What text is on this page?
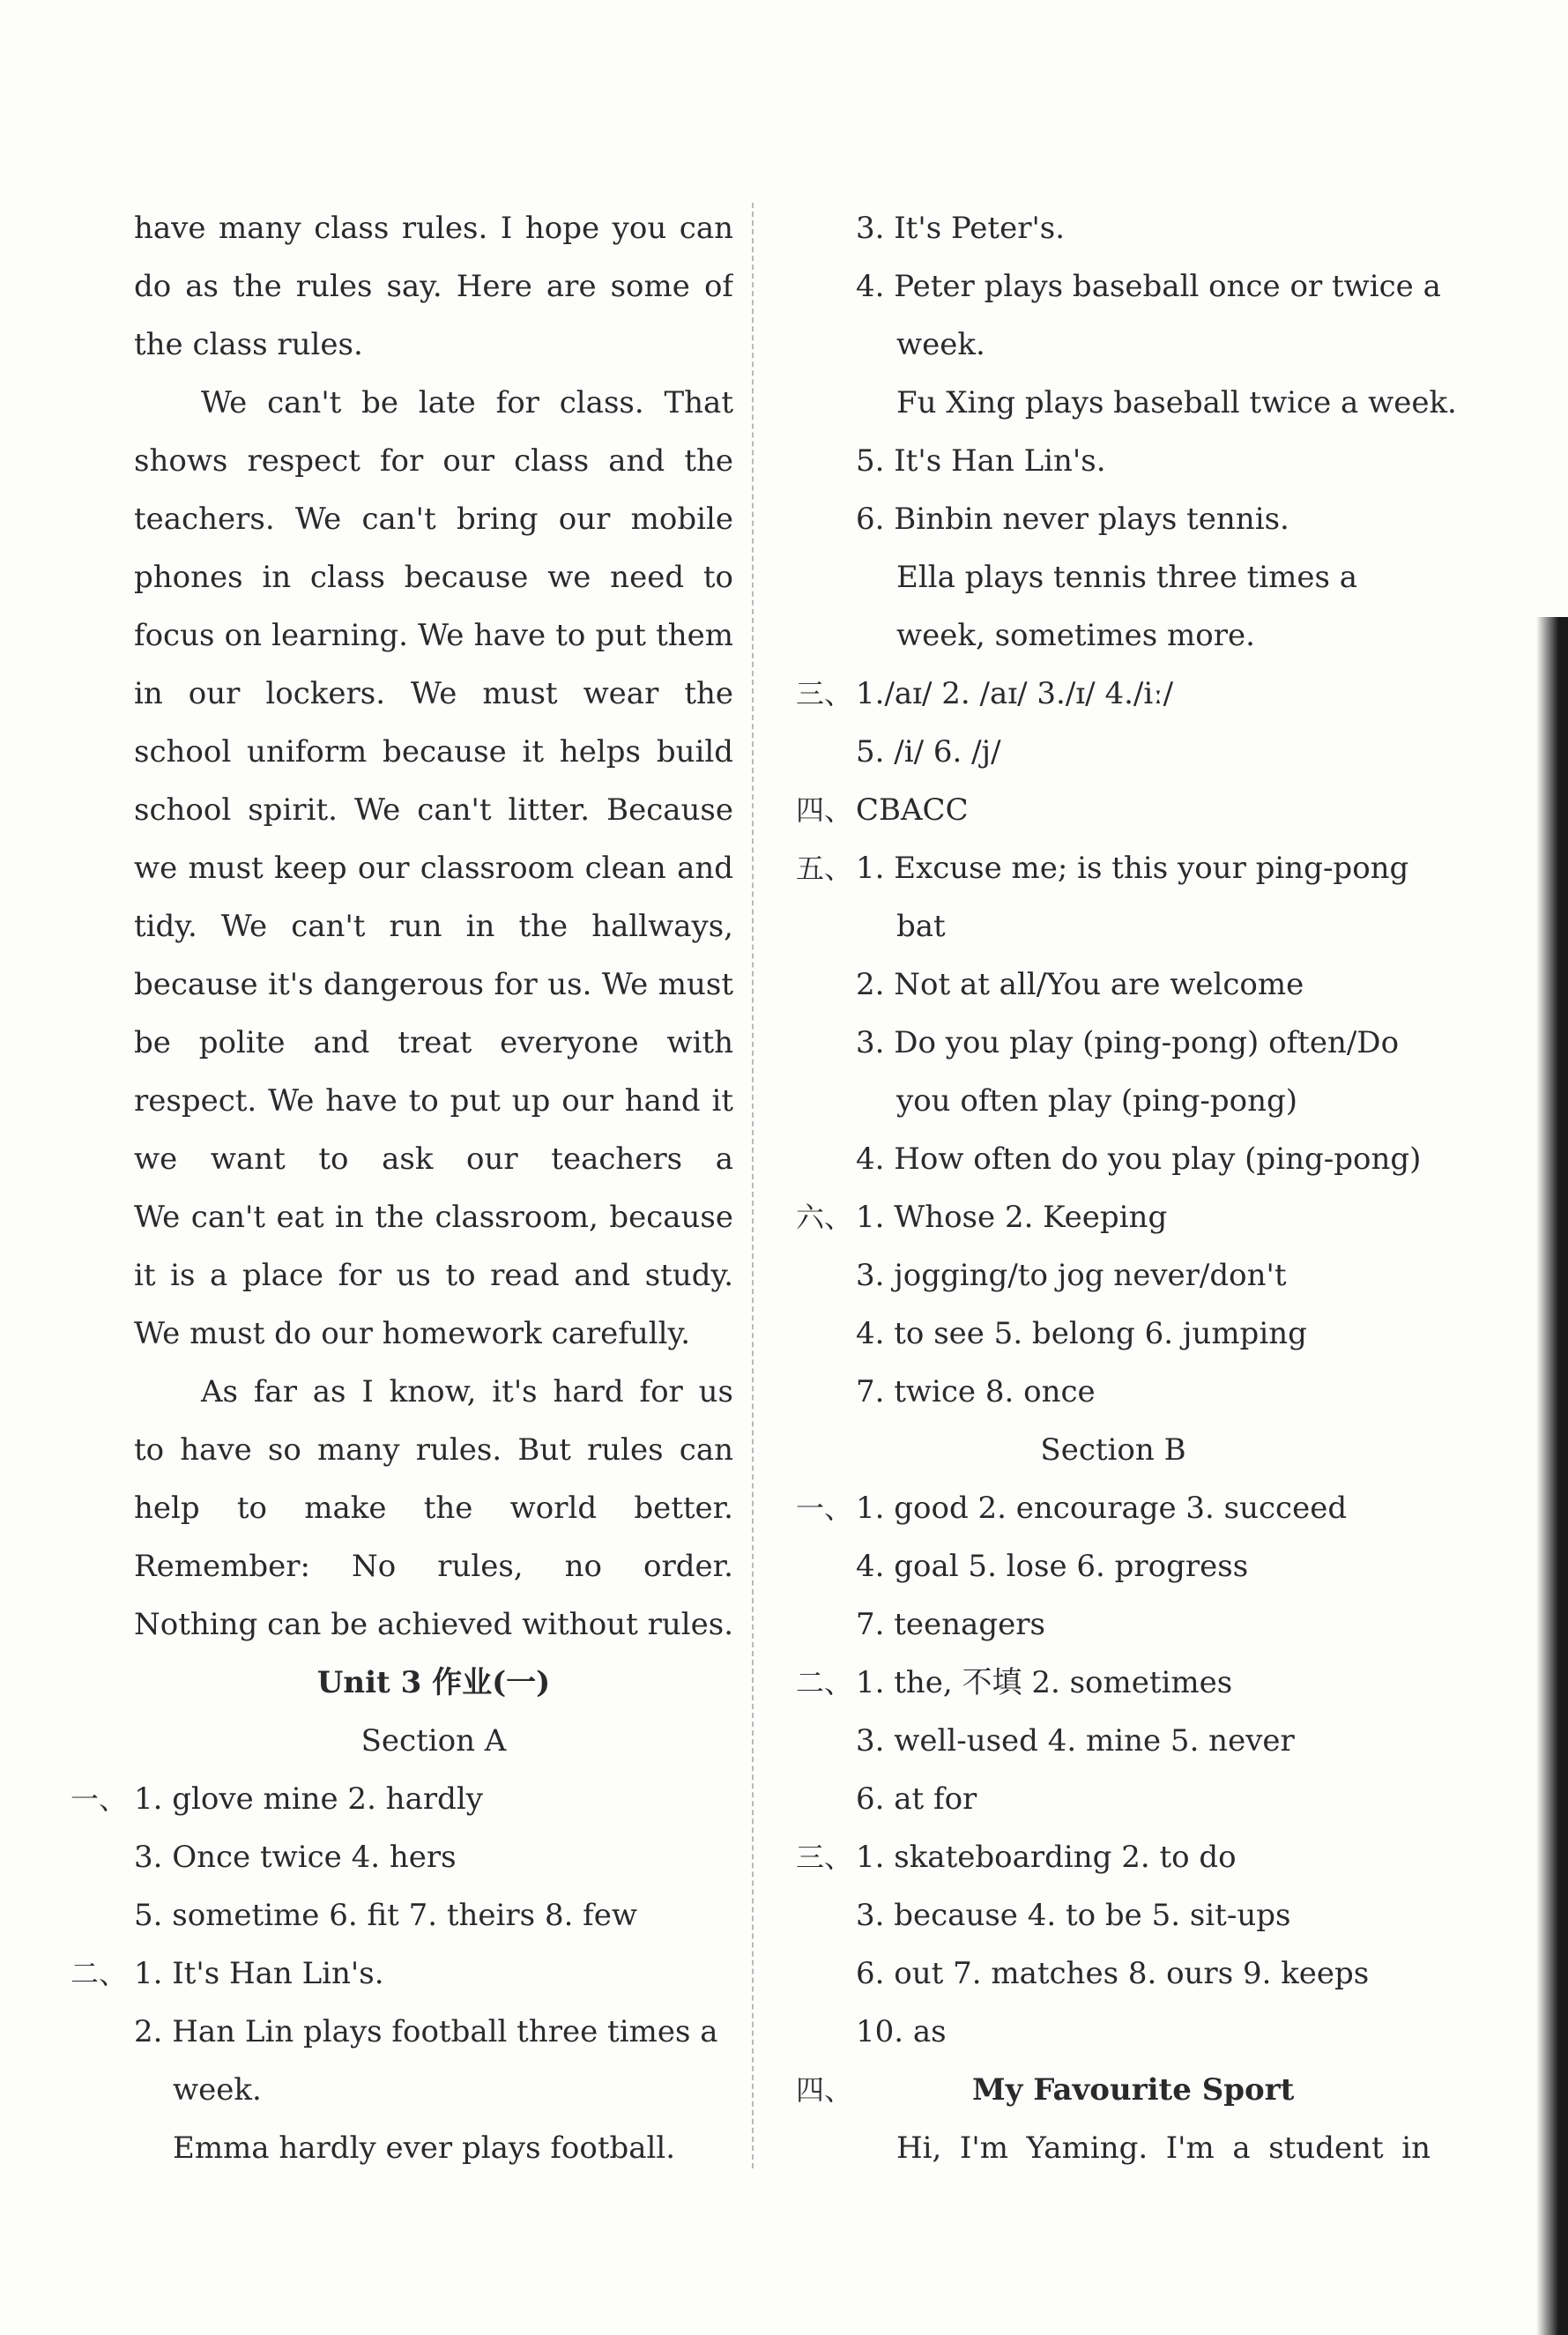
have many class rules. I hope you can
do as the rules say. Here are some of
the class rules.
We can't be late for class. That
shows respect for our class and the
teachers. We can't bring our mobile
phones in class because we need to
focus on learning. We have to put them
in our lockers. We must wear the
school uniform because it helps build
school spirit. We can't litter. Because
we must keep our classroom clean and
tidy. We can't run in the hallways,
because it's dangerous for us. We must
be polite and treat everyone with
respect. We have to put up our hand it
we want to ask our teachers a
We can't eat in the classroom, because
it is a place for us to read and study.
We must do our homework carefully.
As far as I know, it's hard for us
to have so many rules. But rules can
help to make the world better.
Remember: No rules, no order.
Nothing can be achieved without rules.
Unit 3 作业(一)
Section A
一、 1. glove mine 2. hardly
3. Once twice 4. hers
5. sometime 6. fit 7. theirs 8. few
二、 1. It's Han Lin's.
2. Han Lin plays football three times a
week.
Emma hardly ever plays football.
3. It's Peter's.
4. Peter plays baseball once or twice a
week.
Fu Xing plays baseball twice a week.
5. It's Han Lin's.
6. Binbin never plays tennis.
Ella plays tennis three times a
week, sometimes more.
三、 1./aɪ/ 2. /aɪ/ 3./ɪ/ 4./iː/
5. /i/ 6. /j/
四、 CBACC
五、 1. Excuse me; is this your ping-pong
bat
2. Not at all/You are welcome
3. Do you play (ping-pong) often/Do
you often play (ping-pong)
4. How often do you play (ping-pong)
六、 1. Whose 2. Keeping
3. jogging/to jog never/don't
4. to see 5. belong 6. jumping
7. twice 8. once
Section B
一、 1. good 2. encourage 3. succeed
4. goal 5. lose 6. progress
7. teenagers
二、 1. the, 不填 2. sometimes
3. well-used 4. mine 5. never
6. at for
三、 1. skateboarding 2. to do
3. because 4. to be 5. sit-ups
6. out 7. matches 8. ours 9. keeps
10. as
四、	My Favourite Sport
Hi, I'm Yaming. I'm a student in
